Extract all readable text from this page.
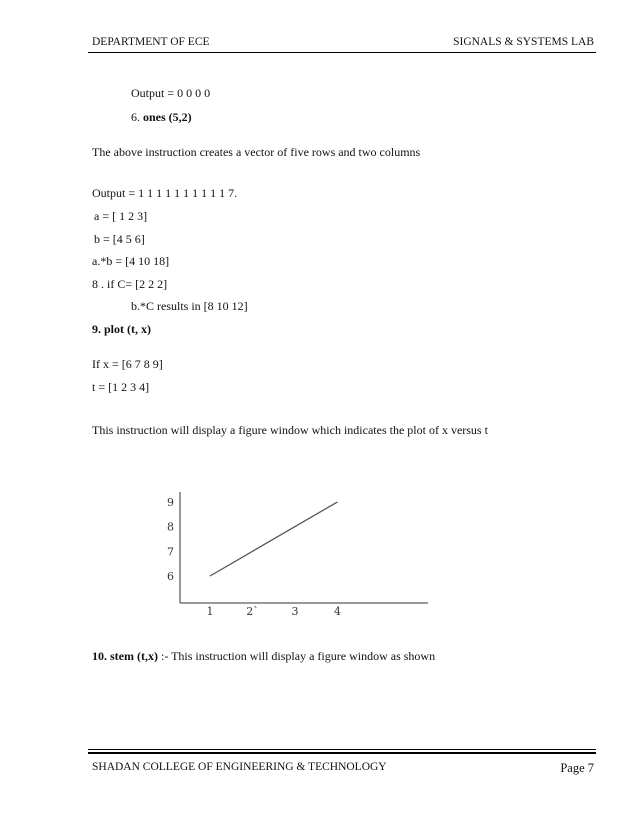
DEPARTMENT OF ECE	SIGNALS & SYSTEMS LAB
Output = 0 0 0 0
6. ones (5,2)
The above instruction creates a vector of five rows and two columns
Output = 1 1 1 1 1 1 1 1 1 1 7.
a = [ 1 2 3]
b = [4 5 6]
a.*b = [4 10 18]
8 . if C= [2 2 2]
b.*C results in [8 10 12]
9. plot (t, x)
If x = [6 7 8 9]
t = [1 2 3 4]
This instruction will display a figure window which indicates the plot of x versus t
6
7
8
9
1	2`	3	4
10. stem (t,x) :- This instruction will display a figure window as shown
SHADAN COLLEGE OF ENGINEERING & TECHNOLOGY	Page 7
